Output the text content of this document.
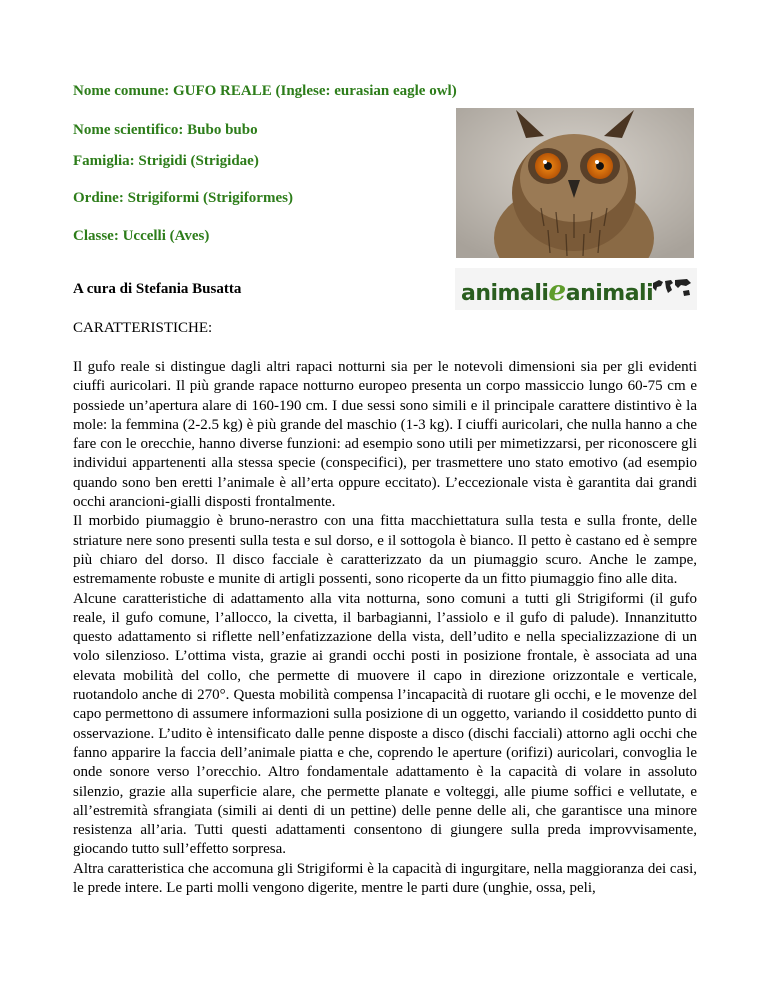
Nome comune: GUFO REALE (Inglese: eurasian eagle owl)
Nome scientifico: Bubo bubo
Famiglia: Strigidi (Strigidae)
Ordine: Strigiformi (Strigiformes)
Classe: Uccelli (Aves)
A cura di Stefania Busatta	animalieanimali
CARATTERISTICHE:

Il gufo reale si distingue dagli altri rapaci notturni sia per le notevoli dimensioni sia per gli evidenti ciuffi auricolari. Il più grande rapace notturno europeo presenta un corpo massiccio lungo 60-75 cm e possiede un’apertura alare di 160-190 cm. I due sessi sono simili e il principale carattere distintivo è la mole: la femmina (2-2.5 kg) è più grande del maschio (1-3 kg). I ciuffi auricolari, che nulla hanno a che fare con le orecchie, hanno diverse funzioni: ad esempio sono utili per mimetizzarsi, per riconoscere gli individui appartenenti alla stessa specie (conspecifici), per trasmettere uno stato emotivo (ad esempio quando sono ben eretti l’animale è all’erta oppure eccitato). L’eccezionale vista è garantita dai grandi occhi arancioni-gialli disposti frontalmente.

Il morbido piumaggio è bruno-nerastro con una fitta macchiettatura sulla testa e sulla fronte, delle striature nere sono presenti sulla testa e sul dorso, e il sottogola è bianco. Il petto è castano ed è sempre più chiaro del dorso. Il disco facciale è caratterizzato da un piumaggio scuro. Anche le zampe, estremamente robuste e munite di artigli possenti, sono ricoperte da un fitto piumaggio fino alle dita.

Alcune caratteristiche di adattamento alla vita notturna, sono comuni a tutti gli Strigiformi (il gufo reale, il gufo comune, l’allocco, la civetta, il barbagianni, l’assiolo e il gufo di palude). Innanzitutto questo adattamento si riflette nell’enfatizzazione della vista, dell’udito e nella specializzazione di un volo silenzioso. L’ottima vista, grazie ai grandi occhi posti in posizione frontale, è associata ad una elevata mobilità del collo, che permette di muovere il capo in direzione orizzontale e verticale, ruotandolo anche di 270°. Questa mobilità compensa l’incapacità di ruotare gli occhi, e le movenze del capo permettono di assumere informazioni sulla posizione di un oggetto, variando il cosiddetto punto di osservazione. L’udito è intensificato dalle penne disposte a disco (dischi facciali) attorno agli occhi che fanno apparire la faccia dell’animale piatta e che, coprendo le aperture (orifizi) auricolari, convoglia le onde sonore verso l’orecchio. Altro fondamentale adattamento è la capacità di volare in assoluto silenzio, grazie alla superficie alare, che permette planate e volteggi, alle piume soffici e vellutate, e all’estremità sfrangiata (simili ai denti di un pettine) delle penne delle ali, che garantisce una minore resistenza all’aria. Tutti questi adattamenti consentono di giungere sulla preda improvvisamente, giocando tutto sull’effetto sorpresa.

Altra caratteristica che accomuna gli Strigiformi è la capacità di ingurgitare, nella maggioranza dei casi, le prede intere. Le parti molli vengono digerite, mentre le parti dure (unghie, ossa, peli,
